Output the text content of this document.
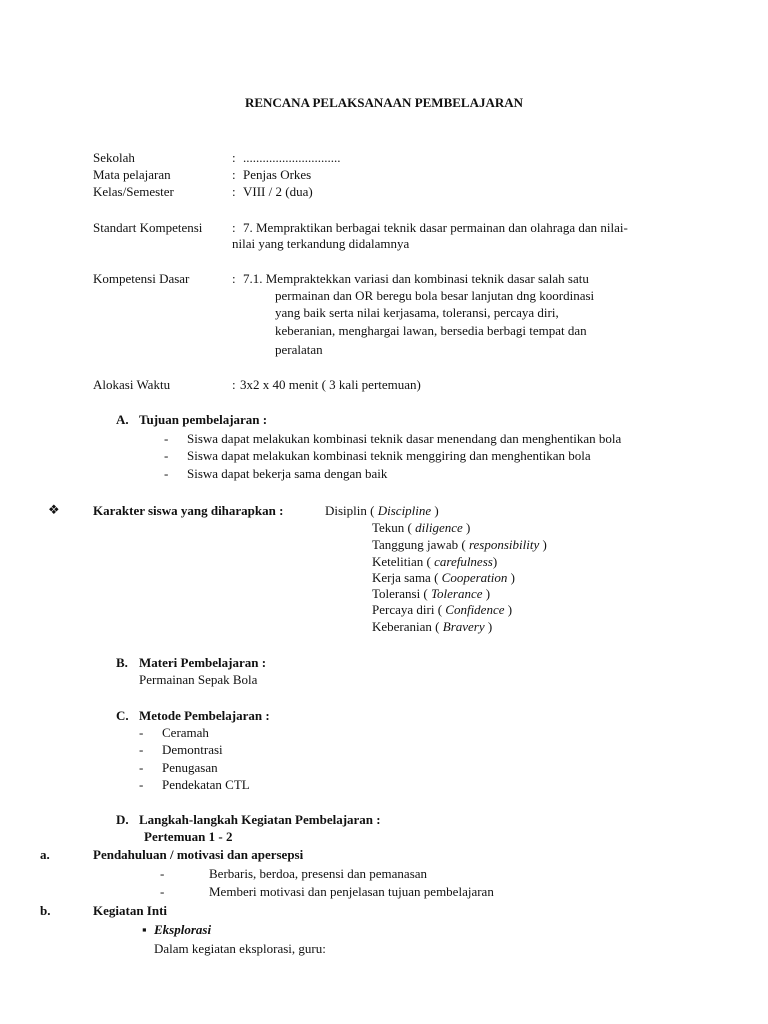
RENCANA PELAKSANAAN PEMBELAJARAN
Sekolah	: ..............................
Mata pelajaran	: Penjas Orkes
Kelas/Semester	: VIII / 2 (dua)
Standart Kompetensi : 7. Mempraktikan berbagai teknik dasar permainan dan olahraga dan nilai-
nilai yang terkandung didalamnya
Kompetensi Dasar	: 7.1. Mempraktekkan variasi dan kombinasi teknik dasar salah satu
permainan dan OR beregu bola besar lanjutan dng koordinasi
yang baik serta nilai kerjasama, toleransi, percaya diri,
keberanian, menghargai lawan, bersedia berbagi tempat dan
peralatan
Alokasi Waktu	: 3x2 x 40 menit ( 3 kali pertemuan)
A. Tujuan pembelajaran :
- Siswa dapat melakukan kombinasi teknik dasar menendang dan menghentikan bola
- Siswa dapat melakukan kombinasi teknik menggiring dan menghentikan bola
- Siswa dapat bekerja sama dengan baik
❖	Karakter siswa yang diharapkan :	Disiplin ( Discipline )
Tekun ( diligence )
Tanggung jawab ( responsibility )
Ketelitian ( carefulness)
Kerja sama ( Cooperation )
Toleransi ( Tolerance )
Percaya diri ( Confidence )
Keberanian ( Bravery )
B. Materi Pembelajaran :
Permainan Sepak Bola
C. Metode Pembelajaran :
- Ceramah
- Demontrasi
- Penugasan
- Pendekatan CTL
D. Langkah-langkah Kegiatan Pembelajaran :
Pertemuan 1 - 2
a.	Pendahuluan / motivasi dan apersepsi
-	Berbaris, berdoa, presensi dan pemanasan
-	Memberi motivasi dan penjelasan tujuan pembelajaran
b.	Kegiatan Inti
▪ Eksplorasi
Dalam kegiatan eksplorasi, guru:
